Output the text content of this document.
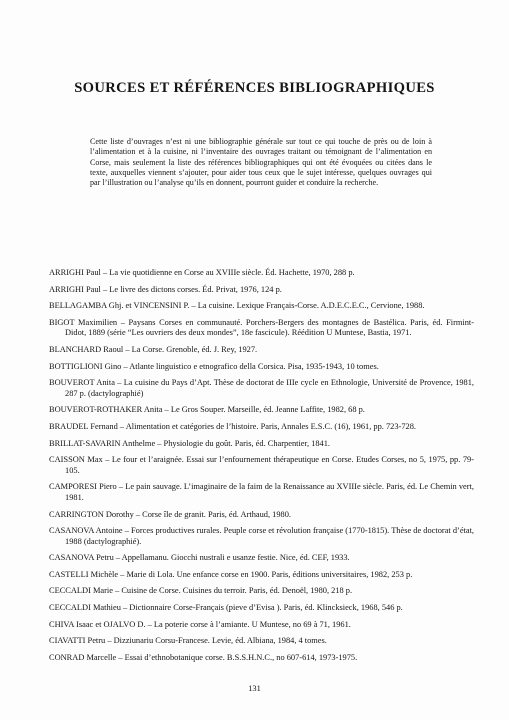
SOURCES ET RÉFÉRENCES BIBLIOGRAPHIQUES

Cette liste d’ouvrages n’est ni une bibliographie générale sur tout ce qui touche de près ou de loin à l’alimentation et à la cuisine, ni l’inventaire des ouvrages traitant ou témoignant de l’alimentation en Corse, mais seulement la liste des références bibliographiques qui ont été évoquées ou citées dans le texte, auxquelles viennent s’ajouter, pour aider tous ceux que le sujet intéresse, quelques ouvrages qui par l’illustration ou l’analyse qu’ils en donnent, pourront guider et conduire la recherche.

ARRIGHI Paul – La vie quotidienne en Corse au XVIIIe siècle. Éd. Hachette, 1970, 288 p.
ARRIGHI Paul – Le livre des dictons corses. Éd. Privat, 1976, 124 p.
BELLAGAMBA Ghj. et VINCENSINI P. – La cuisine. Lexique Français-Corse. A.D.E.C.E.C., Cervione, 1988.
BIGOT Maximilien – Paysans Corses en communauté. Porchers-Bergers des montagnes de Bastélica. Paris, éd. Firmint-Didot, 1889 (série “Les ouvriers des deux mondes”, 18e fascicule). Réédition U Muntese, Bastia, 1971.
BLANCHARD Raoul – La Corse. Grenoble, éd. J. Rey, 1927.
BOTTIGLIONI Gino – Atlante linguistico e etnografico della Corsica. Pisa, 1935-1943, 10 tomes.
BOUVEROT Anita – La cuisine du Pays d’Apt. Thèse de doctorat de IIIe cycle en Ethnologie, Université de Provence, 1981, 287 p. (dactylographié)
BOUVEROT-ROTHAKER Anita – Le Gros Souper. Marseille, éd. Jeanne Laffite, 1982, 68 p.
BRAUDEL Fernand – Alimentation et catégories de l’histoire. Paris, Annales E.S.C. (16), 1961, pp. 723-728.
BRILLAT-SAVARIN Anthelme – Physiologie du goût. Paris, éd. Charpentier, 1841.
CAISSON Max – Le four et l’araignée. Essai sur l’enfournement thérapeutique en Corse. Etudes Corses, no 5, 1975, pp. 79-105.
CAMPORESI Piero – Le pain sauvage. L’imaginaire de la faim de la Renaissance au XVIIIe siècle. Paris, éd. Le Chemin vert, 1981.
CARRINGTON Dorothy – Corse île de granit. Paris, éd. Arthaud, 1980.
CASANOVA Antoine – Forces productives rurales. Peuple corse et révolution française (1770-1815). Thèse de doctorat d’état, 1988 (dactylographié).
CASANOVA Petru – Appellamanu. Giocchi nustrali e usanze festie. Nice, éd. CEF, 1933.
CASTELLI Michèle – Marie di Lola. Une enfance corse en 1900. Paris, éditions universitaires, 1982, 253 p.
CECCALDI Marie – Cuisine de Corse. Cuisines du terroir. Paris, éd. Denoël, 1980, 218 p.
CECCALDI Mathieu – Dictionnaire Corse-Français (pieve d’Evisa ). Paris, éd. Klincksieck, 1968, 546 p.
CHIVA Isaac et OJALVO D. – La poterie corse à l’amiante. U Muntese, no 69 à 71, 1961.
CIAVATTI Petru – Dizziunariu Corsu-Francese. Levie, éd. Albiana, 1984, 4 tomes.
CONRAD Marcelle – Essai d’ethnobotanique corse. B.S.S.H.N.C., no 607-614, 1973-1975.
131
